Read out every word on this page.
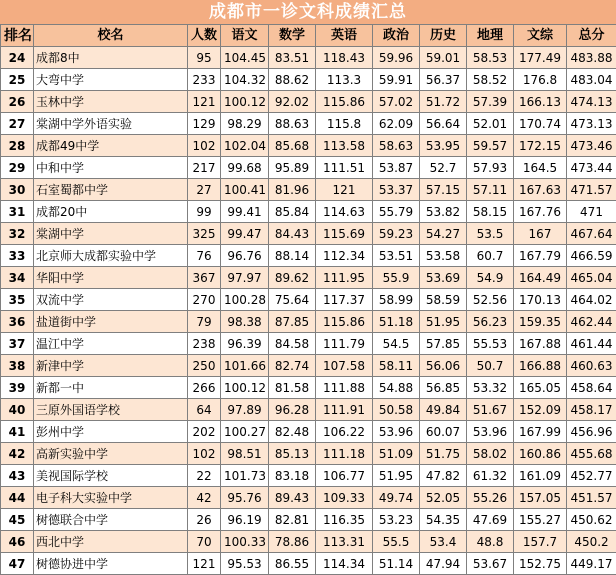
成都市一诊文科成绩汇总
排名	校名	人数	语文	数学	英语	政治	历史	地理	文综	总分
24	成都8中	95	104.45	83.51	118.43	59.96	59.01	58.53	177.49	483.88
25	大弯中学	233	104.32	88.62	113.3	59.91	56.37	58.52	176.8	483.04
26	玉林中学	121	100.12	92.02	115.86	57.02	51.72	57.39	166.13	474.13
27	棠湖中学外语实验	129	98.29	88.63	115.8	62.09	56.64	52.01	170.74	473.13
28	成都49中学	102	102.04	85.68	113.58	58.63	53.95	59.57	172.15	473.46
29	中和中学	217	99.68	95.89	111.51	53.87	52.7	57.93	164.5	473.44
30	石室蜀都中学	27	100.41	81.96	121	53.37	57.15	57.11	167.63	471.57
31	成都20中	99	99.41	85.84	114.63	55.79	53.82	58.15	167.76	471
32	棠湖中学	325	99.47	84.43	115.69	59.23	54.27	53.5	167	467.64
33	北京师大成都实验中学	76	96.76	88.14	112.34	53.51	53.58	60.7	167.79	466.59
34	华阳中学	367	97.97	89.62	111.95	55.9	53.69	54.9	164.49	465.04
35	双流中学	270	100.28	75.64	117.37	58.99	58.59	52.56	170.13	464.02
36	盐道街中学	79	98.38	87.85	115.86	51.18	51.95	56.23	159.35	462.44
37	温江中学	238	96.39	84.58	111.79	54.5	57.85	55.53	167.88	461.44
38	新津中学	250	101.66	82.74	107.58	58.11	56.06	50.7	166.88	460.63
39	新都一中	266	100.12	81.58	111.88	54.88	56.85	53.32	165.05	458.64
40	三原外国语学校	64	97.89	96.28	111.91	50.58	49.84	51.67	152.09	458.17
41	彭州中学	202	100.27	82.48	106.22	53.96	60.07	53.96	167.99	456.96
42	高新实验中学	102	98.51	85.13	111.18	51.09	51.75	58.02	160.86	455.68
43	美视国际学校	22	101.73	83.18	106.77	51.95	47.82	61.32	161.09	452.77
44	电子科大实验中学	42	95.76	89.43	109.33	49.74	52.05	55.26	157.05	451.57
45	树德联合中学	26	96.19	82.81	116.35	53.23	54.35	47.69	155.27	450.62
46	西北中学	70	100.33	78.86	113.31	55.5	53.4	48.8	157.7	450.2
47	树德协进中学	121	95.53	86.55	114.34	51.14	47.94	53.67	152.75	449.17
